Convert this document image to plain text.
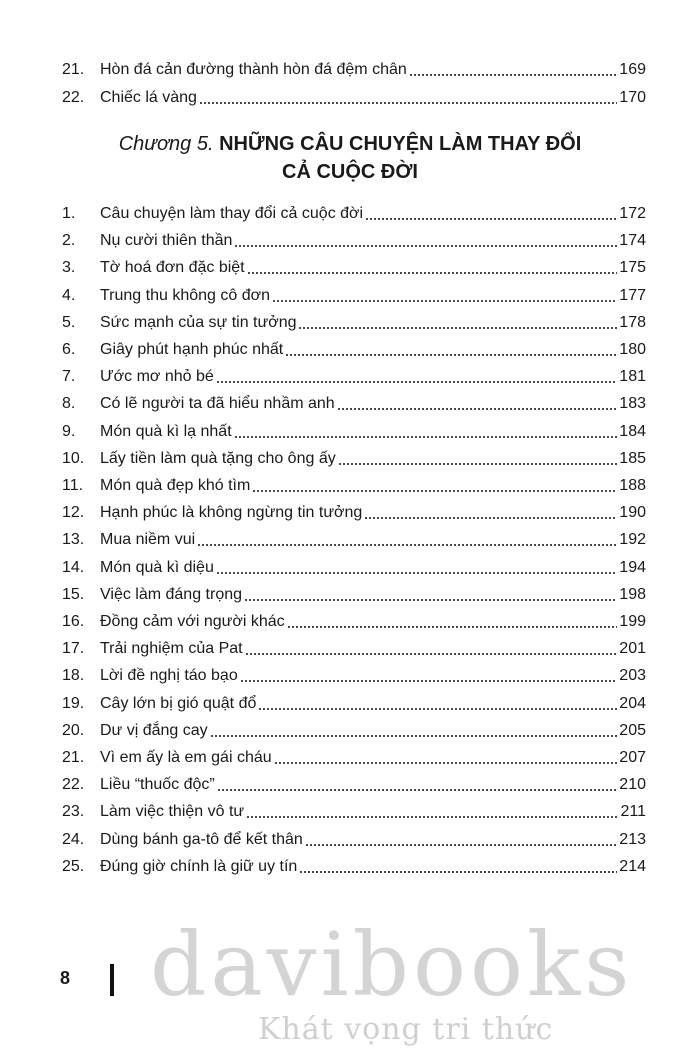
21. Hòn đá cản đường thành hòn đá đệm chân	169
22. Chiếc lá vàng	170
Chương 5. NHỮNG CÂU CHUYỆN LÀM THAY ĐỔI
CẢ CUỘC ĐỜI
1.	Câu chuyện làm thay đổi cả cuộc đời	172
2.	Nụ cười thiên thần	174
3.	Tờ hoá đơn đặc biệt	175
4.	Trung thu không cô đơn	177
5.	Sức mạnh của sự tin tưởng	178
6.	Giây phút hạnh phúc nhất	180
7.	Ước mơ nhỏ bé	181
8.	Có lẽ người ta đã hiểu nhầm anh	183
9.	Món quà kì lạ nhất	184
10. Lấy tiền làm quà tặng cho ông ấy	185
11.	Món quà đẹp khó tìm	188
12. Hạnh phúc là không ngừng tin tưởng	190
13. Mua niềm vui	192
14. Món quà kì diệu	194
15. Việc làm đáng trọng	198
16. Đồng cảm với người khác	199
17. Trải nghiệm của Pat	201
18. Lời đề nghị táo bạo	203
19. Cây lớn bị gió quật đổ	204
20. Dư vị đắng cay	205
21. Vì em ấy là em gái cháu	207
22. Liều “thuốc độc”	210
23. Làm việc thiện vô tư	211
24. Dùng bánh ga-tô để kết thân	213
25. Đúng giờ chính là giữ uy tín	214
8 davibooks
Khát vọng tri thức
